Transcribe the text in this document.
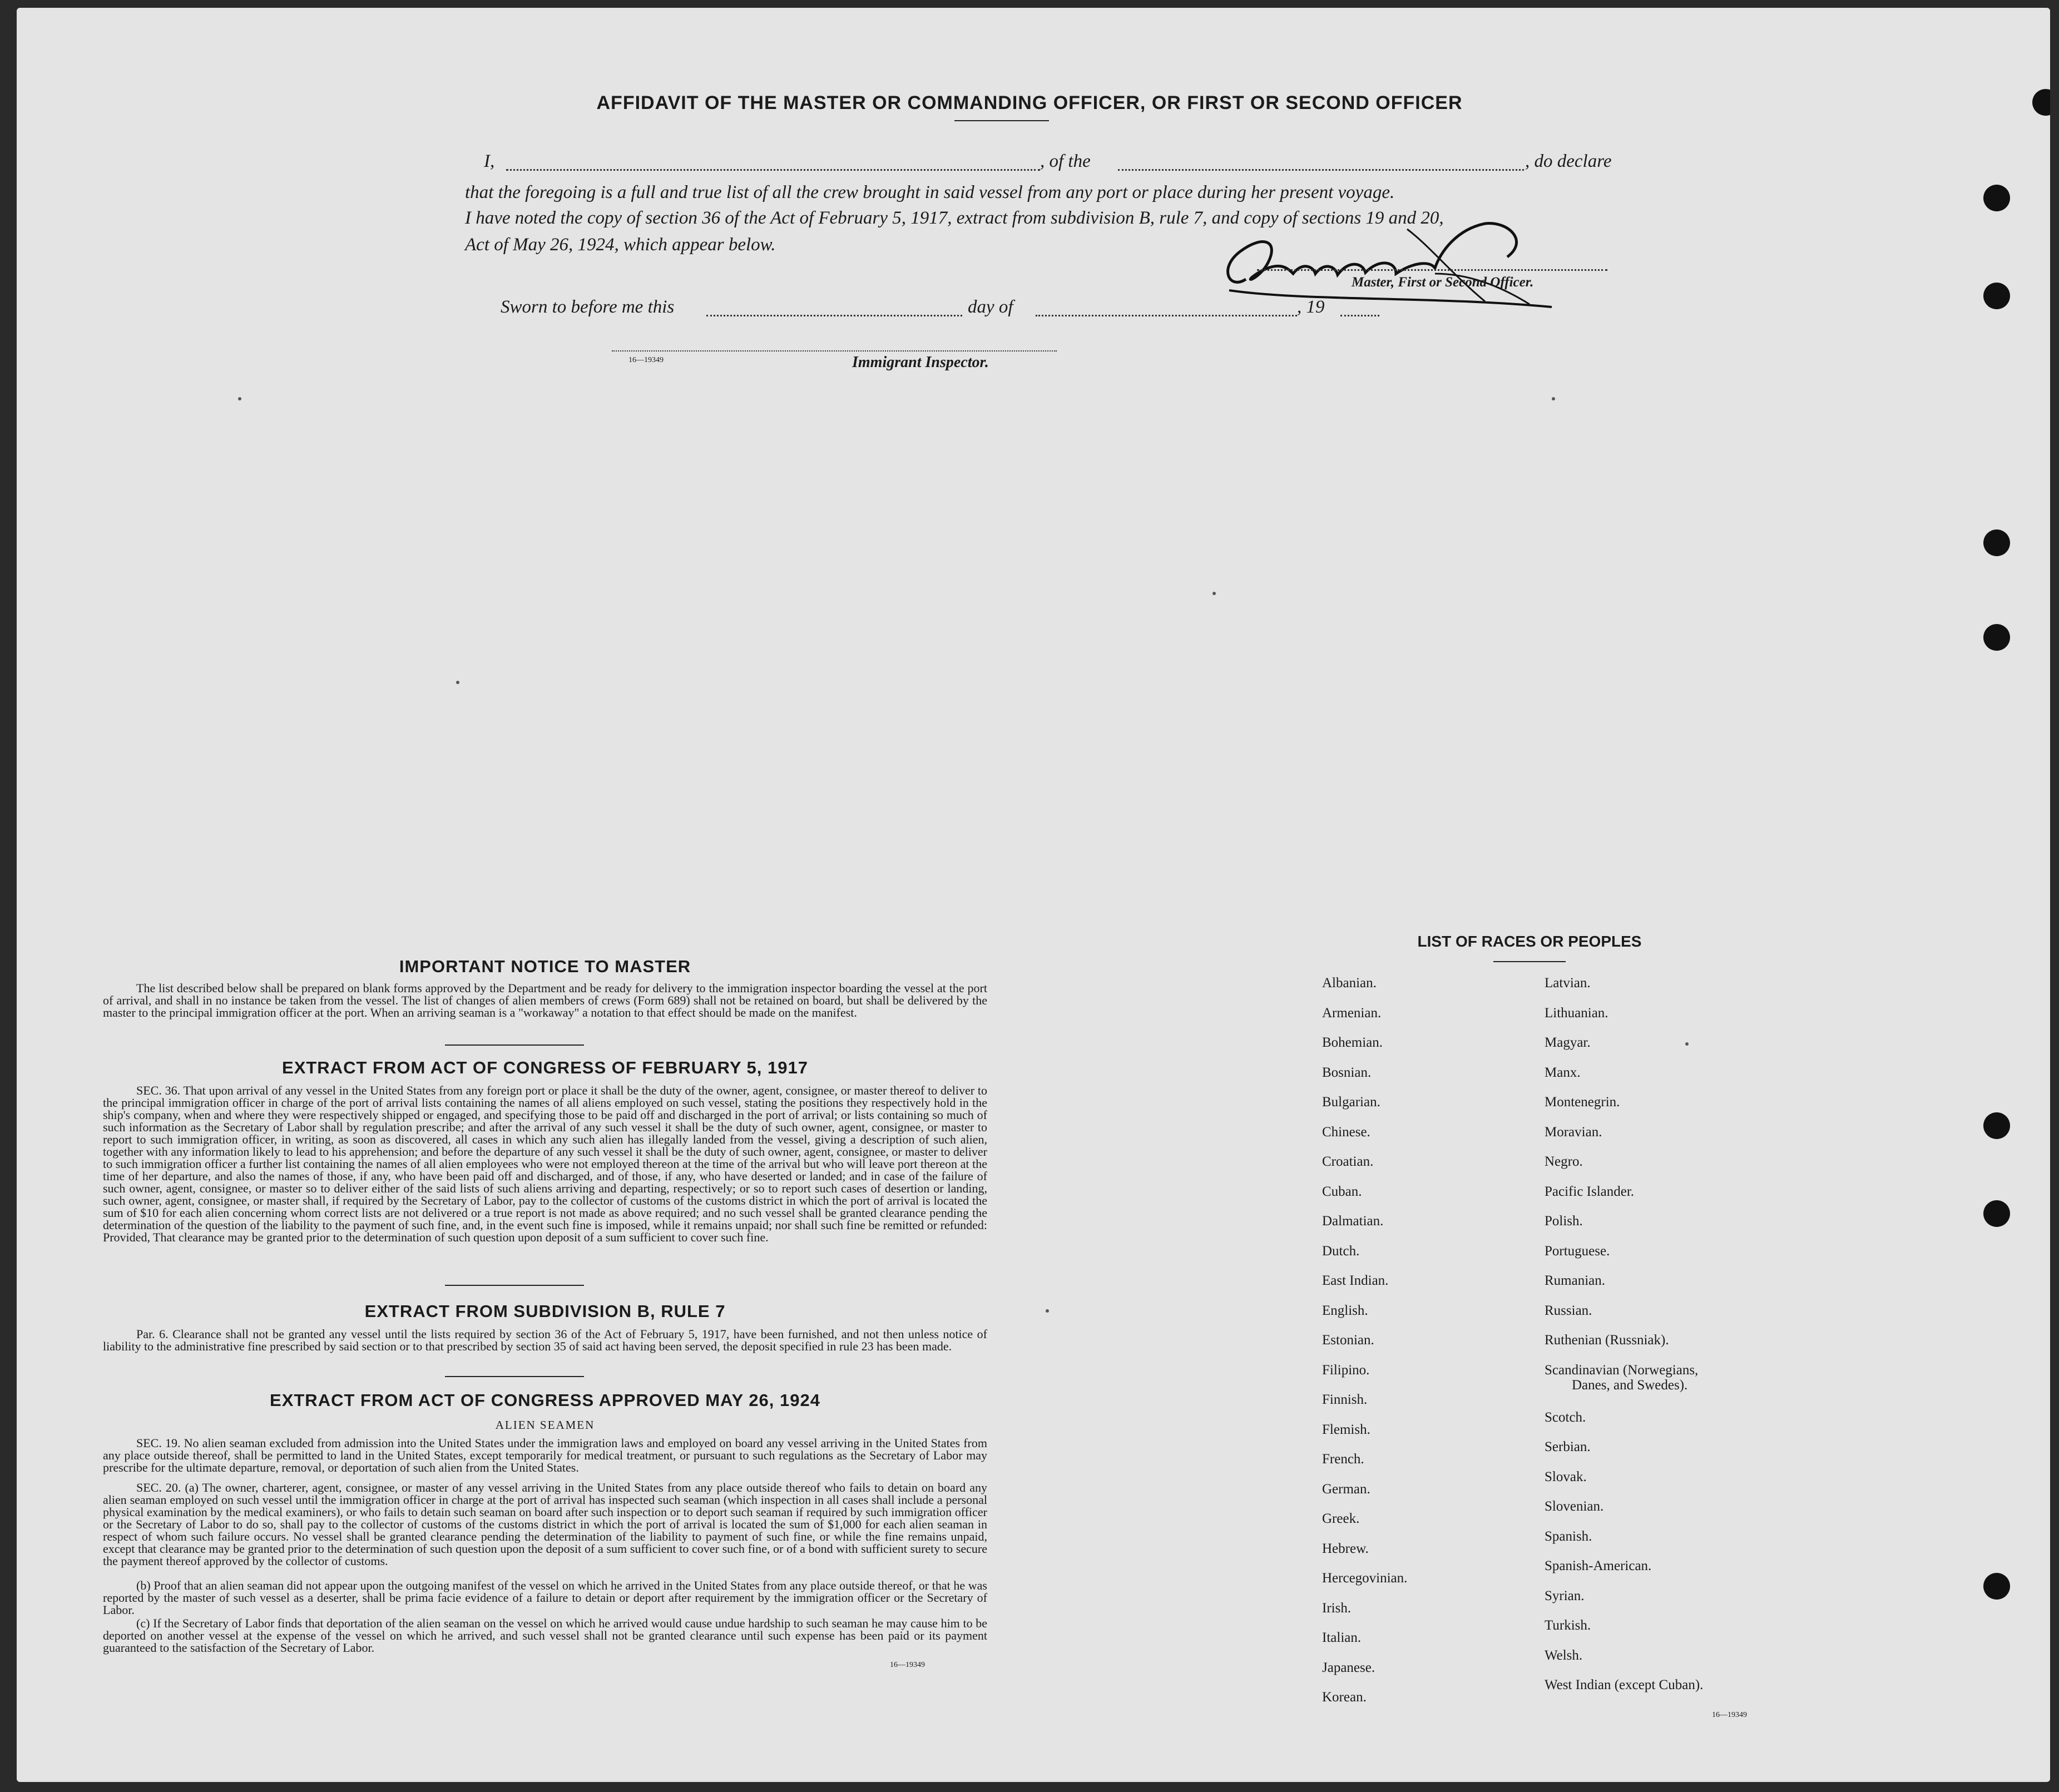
AFFIDAVIT OF THE MASTER OR COMMANDING OFFICER, OR FIRST OR SECOND OFFICER
I,	, of the	, do declare
that the foregoing is a full and true list of all the crew brought in said vessel from any port or place during her present voyage.
I have noted the copy of section 36 of the Act of February 5, 1917, extract from subdivision B, rule 7, and copy of sections 19 and 20,
Act of May 26, 1924, which appear below.
Master, First or Second Officer.
Sworn to before me this	day of	, 19
16—19349	Immigrant Inspector.
IMPORTANT NOTICE TO MASTER
The list described below shall be prepared on blank forms approved by the Department and be ready for delivery to the immigration inspector boarding the vessel at the port of arrival, and shall in no instance be taken from the vessel. The list of changes of alien members of crews (Form 689) shall not be retained on board, but shall be delivered by the master to the principal immigration officer at the port. When an arriving seaman is a "workaway" a notation to that effect should be made on the manifest.
EXTRACT FROM ACT OF CONGRESS OF FEBRUARY 5, 1917
SEC. 36. That upon arrival of any vessel in the United States from any foreign port or place it shall be the duty of the owner, agent, consignee, or master thereof to deliver to the principal immigration officer in charge of the port of arrival lists containing the names of all aliens employed on such vessel, stating the positions they respectively hold in the ship's company, when and where they were respectively shipped or engaged, and specifying those to be paid off and discharged in the port of arrival; or lists containing so much of such information as the Secretary of Labor shall by regulation prescribe; and after the arrival of any such vessel it shall be the duty of such owner, agent, consignee, or master to report to such immigration officer, in writing, as soon as discovered, all cases in which any such alien has illegally landed from the vessel, giving a description of such alien, together with any information likely to lead to his apprehension; and before the departure of any such vessel it shall be the duty of such owner, agent, consignee, or master to deliver to such immigration officer a further list containing the names of all alien employees who were not employed thereon at the time of the arrival but who will leave port thereon at the time of her departure, and also the names of those, if any, who have been paid off and discharged, and of those, if any, who have deserted or landed; and in case of the failure of such owner, agent, consignee, or master so to deliver either of the said lists of such aliens arriving and departing, respectively; or so to report such cases of desertion or landing, such owner, agent, consignee, or master shall, if required by the Secretary of Labor, pay to the collector of customs of the customs district in which the port of arrival is located the sum of $10 for each alien concerning whom correct lists are not delivered or a true report is not made as above required; and no such vessel shall be granted clearance pending the determination of the question of the liability to the payment of such fine, and, in the event such fine is imposed, while it remains unpaid; nor shall such fine be remitted or refunded: Provided, That clearance may be granted prior to the determination of such question upon deposit of a sum sufficient to cover such fine.
EXTRACT FROM SUBDIVISION B, RULE 7
Par. 6. Clearance shall not be granted any vessel until the lists required by section 36 of the Act of February 5, 1917, have been furnished, and not then unless notice of liability to the administrative fine prescribed by said section or to that prescribed by section 35 of said act having been served, the deposit specified in rule 23 has been made.
EXTRACT FROM ACT OF CONGRESS APPROVED MAY 26, 1924
ALIEN SEAMEN
SEC. 19. No alien seaman excluded from admission into the United States under the immigration laws and employed on board any vessel arriving in the United States from any place outside thereof, shall be permitted to land in the United States, except temporarily for medical treatment, or pursuant to such regulations as the Secretary of Labor may prescribe for the ultimate departure, removal, or deportation of such alien from the United States.
SEC. 20. (a) The owner, charterer, agent, consignee, or master of any vessel arriving in the United States from any place outside thereof who fails to detain on board any alien seaman employed on such vessel until the immigration officer in charge at the port of arrival has inspected such seaman (which inspection in all cases shall include a personal physical examination by the medical examiners), or who fails to detain such seaman on board after such inspection or to deport such seaman if required by such immigration officer or the Secretary of Labor to do so, shall pay to the collector of customs of the customs district in which the port of arrival is located the sum of $1,000 for each alien seaman in respect of whom such failure occurs. No vessel shall be granted clearance pending the determination of the liability to payment of such fine, or while the fine remains unpaid, except that clearance may be granted prior to the determination of such question upon the deposit of a sum sufficient to cover such fine, or of a bond with sufficient surety to secure the payment thereof approved by the collector of customs.
(b) Proof that an alien seaman did not appear upon the outgoing manifest of the vessel on which he arrived in the United States from any place outside thereof, or that he was reported by the master of such vessel as a deserter, shall be prima facie evidence of a failure to detain or deport after requirement by the immigration officer or the Secretary of Labor.
(c) If the Secretary of Labor finds that deportation of the alien seaman on the vessel on which he arrived would cause undue hardship to such seaman he may cause him to be deported on another vessel at the expense of the vessel on which he arrived, and such vessel shall not be granted clearance until such expense has been paid or its payment guaranteed to the satisfaction of the Secretary of Labor.
16—19349
LIST OF RACES OR PEOPLES
16—19349
Albanian.
Armenian.
Bohemian.
Bosnian.
Bulgarian.
Chinese.
Croatian.
Cuban.
Dalmatian.
Dutch.
East Indian.
English.
Estonian.
Filipino.
Finnish.
Flemish.
French.
German.
Greek.
Hebrew.
Hercegovinian.
Irish.
Italian.
Japanese.
Korean.
Latvian.
Lithuanian.
Magyar.
Manx.
Montenegrin.
Moravian.
Negro.
Pacific Islander.
Polish.
Portuguese.
Rumanian.
Russian.
Ruthenian (Russniak).
Scandinavian (Norwegians,
Danes, and Swedes).
Scotch.
Serbian.
Slovak.
Slovenian.
Spanish.
Spanish-American.
Syrian.
Turkish.
Welsh.
West Indian (except Cuban).
